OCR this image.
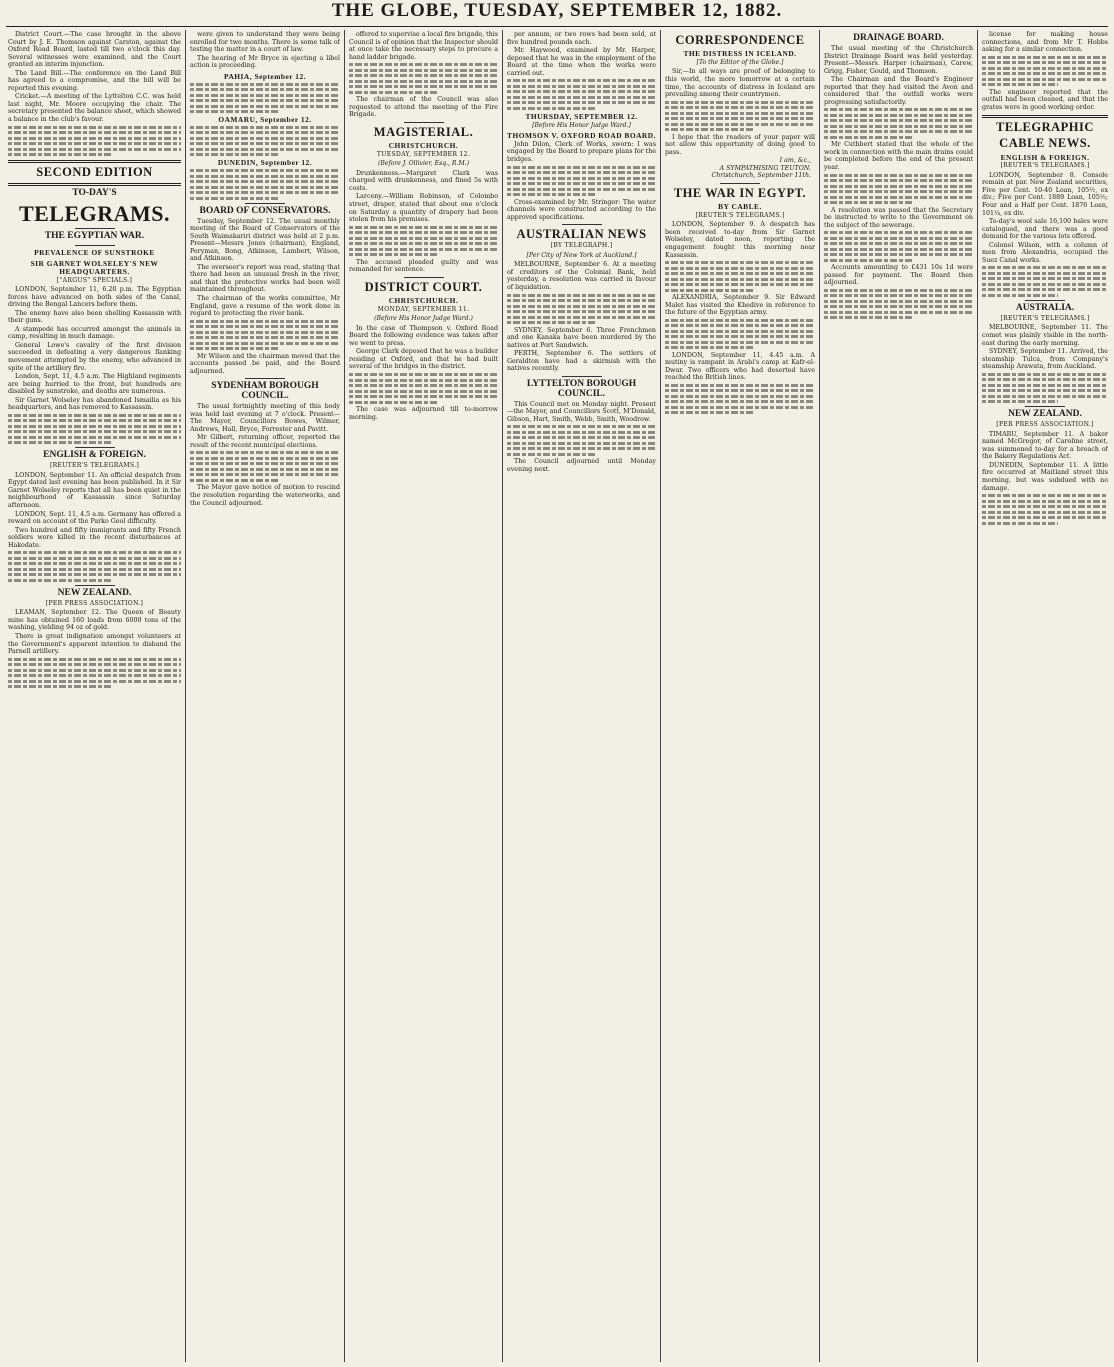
THE GLOBE, TUESDAY, SEPTEMBER 12, 1882.

District Court.—The case brought in the above Court by J. E. Thomson against Carston, against the Oxford Road Board, lasted till two o'clock this day. Several witnesses were examined, and the Court granted an interim injunction.

The Land Bill.—The conference on the Land Bill has agreed to a compromise, and the bill will be reported this evening.

Cricket.—A meeting of the Lyttelton C.C. was held last night, Mr. Moore occupying the chair. The secretary presented the balance sheet, which showed a balance in the club's favour.

SECOND EDITION
TO-DAY'S
TELEGRAMS.
THE EGYPTIAN WAR.
PREVALENCE OF SUNSTROKE
SIR GARNET WOLSELEY'S NEW HEADQUARTERS.
["ARGUS" SPECIALS.]

LONDON, September 11, 6.20 p.m. The Egyptian forces have advanced on both sides of the Canal, driving the Bengal Lancers before them.

The enemy have also been shelling Kassassin with their guns.

A stampede has occurred amongst the animals in camp, resulting in much damage.

General Lowe's cavalry of the first division succeeded in defeating a very dangerous flanking movement attempted by the enemy, who advanced in spite of the artillery fire.

London, Sept. 11, 4.5 a.m. The Highland regiments are being hurried to the front, but hundreds are disabled by sunstroke, and deaths are numerous.

Sir Garnet Wolseley has abandoned Ismailia as his headquarters, and has removed to Kassassin.

ENGLISH & FOREIGN.
[REUTER'S TELEGRAMS.]

LONDON, September 11. An official despatch from Egypt dated last evening has been published. In it Sir Garnet Wolseley reports that all has been quiet in the neighbourhood of Kassassin since Saturday afternoon.

LONDON, Sept. 11, 4.5 a.m. Germany has offered a reward on account of the Parko Geol difficulty.

Two hundred and fifty immigrants and fifty French soldiers were killed in the recent disturbances at Hakodate.

NEW ZEALAND.
[PER PRESS ASSOCIATION.]

LEAMAN, September 12. The Queen of Beauty mine has obtained 160 loads from 6000 tons of the washing, yielding 94 oz of gold.

There is great indignation amongst volunteers at the Government's apparent intention to disband the Parnell artillery.

were given to understand they were being enrolled for two months. There is some talk of testing the matter in a court of law.

The hearing of Mr Bryce in ejecting a libel action is proceeding.

PAHIA, September 12.

OAMARU, September 12.

DUNEDIN, September 12.

BOARD OF CONSERVATORS.

Tuesday, September 12. The usual monthly meeting of the Board of Conservators of the South Waimakariri district was held at 2 p.m. Present—Messrs Jones (chairman), England, Peryman, Bong, Atkinson, Lambert, Wilson, and Atkinson.

The overseer's report was read, stating that there had been an unusual fresh in the river, and that the protective works had been well maintained throughout.

The chairman of the works committee, Mr England, gave a resume of the work done in regard to protecting the river bank.

Mr Wilson and the chairman moved that the accounts passed be paid, and the Board adjourned.

SYDENHAM BOROUGH COUNCIL.

The usual fortnightly meeting of this body was held last evening at 7 o'clock. Present—The Mayor, Councillors Bowes, Wilmer, Andrews, Hall, Bryce, Forrester and Pavitt.

Mr Gilbert, returning officer, reported the result of the recent municipal elections.

The Mayor gave notice of motion to rescind the resolution regarding the waterworks, and the Council adjourned.

offered to supervise a local fire brigade, this Council is of opinion that the Inspector should at once take the necessary steps to procure a hand ladder brigade.

The chairman of the Council was also requested to attend the meeting of the Fire Brigade.

MAGISTERIAL.
CHRISTCHURCH.
TUESDAY, SEPTEMBER 12.
(Before J. Ollivier, Esq., R.M.)

Drunkenness.—Margaret Clark was charged with drunkenness, and fined 5s with costs.

Larceny.—William Robinson, of Colombo street, draper, stated that about one o'clock on Saturday a quantity of drapery had been stolen from his premises.

The accused pleaded guilty and was remanded for sentence.

DISTRICT COURT.
CHRISTCHURCH.
MONDAY, SEPTEMBER 11.
(Before His Honor Judge Ward.)

In the case of Thompson v. Oxford Road Board the following evidence was taken after we went to press.

George Clark deposed that he was a builder residing at Oxford, and that he had built several of the bridges in the district.

The case was adjourned till to-morrow morning.

per annum, or two rows had been sold, at five hundred pounds each.

Mr. Haywood, examined by Mr. Harper, deposed that he was in the employment of the Board at the time when the works were carried out.

THURSDAY, SEPTEMBER 12.
[Before His Honor Judge Ward.]
THOMSON V. OXFORD ROAD BOARD.

John Dilon, Clerk of Works, sworn: I was engaged by the Board to prepare plans for the bridges.

Cross-examined by Mr. Stringer: The water channels were constructed according to the approved specifications.

AUSTRALIAN NEWS
[BY TELEGRAPH.]
[Per City of New York at Auckland.]

MELBOURNE, September 6. At a meeting of creditors of the Colonial Bank, held yesterday, a resolution was carried in favour of liquidation.

SYDNEY, September 6. Three Frenchmen and one Kanaka have been murdered by the natives at Port Sandwich.

PERTH, September 6. The settlers of Geraldton have had a skirmish with the natives recently.

LYTTELTON BOROUGH COUNCIL.

This Council met on Monday night. Present—the Mayor, and Councillors Scott, M'Donald, Gibson, Hart, Smith, Webb, Smith, Woodrow.

The Council adjourned until Monday evening next.

CORRESPONDENCE
THE DISTRESS IN ICELAND.
[To the Editor of the Globe.]

Sir,—In all ways are proof of belonging to this world, the more tomorrow at a certain time, the accounts of distress in Iceland are prevailing among their countrymen.

I hope that the readers of your paper will not allow this opportunity of doing good to pass.

I am, &c.,
A SYMPATHISING TEUTON.
Christchurch, September 11th.
THE WAR IN EGYPT.
BY CABLE.
[REUTER'S TELEGRAMS.]

LONDON, September 9. A despatch has been received to-day from Sir Garnet Wolseley, dated noon, reporting the engagement fought this morning near Kassassin.

ALEXANDRIA, September 9. Sir Edward Malet has visited the Khedive in reference to the future of the Egyptian army.

LONDON, September 11, 4.45 a.m. A mutiny is rampant in Arabi's camp at Kafr-el-Dwar. Two officers who had deserted have reached the British lines.

DRAINAGE BOARD.

The usual meeting of the Christchurch District Drainage Board was held yesterday. Present—Messrs. Harper (chairman), Carew, Grigg, Fisher, Gould, and Thomson.

The Chairman and the Board's Engineer reported that they had visited the Avon and considered that the outfall works were progressing satisfactorily.

Mr Cuthbert stated that the whole of the work in connection with the main drains could be completed before the end of the present year.

A resolution was passed that the Secretary be instructed to write to the Government on the subject of the sewerage.

Accounts amounting to £431 10s 1d were passed for payment. The Board then adjourned.

license for making house connections, and from Mr T. Hobbs asking for a similar connection.

The engineer reported that the outfall had been cleaned, and that the grates were in good working order.

TELEGRAPHIC
CABLE NEWS.
ENGLISH & FOREIGN.
[REUTER'S TELEGRAMS.]

LONDON, September 8. Console remain at par. New Zealand securities, Five per Cent. 10-40 Loan, 105½, ex div.; Five per Cent. 1889 Loan, 105½; Four and a Half per Cent. 1876 Loan, 101¼, ex div.

To-day's wool sale 16,100 bales were catalogued, and there was a good demand for the various lots offered.

Colonel Wilson, with a column of men from Alexandria, occupied the Suez Canal works.

AUSTRALIA.
[REUTER'S TELEGRAMS.]

MELBOURNE, September 11. The comet was plainly visible in the north-east during the early morning.

SYDNEY, September 11. Arrived, the steamship Tulca, from Company's steamship Arawata, from Auckland.

NEW ZEALAND.
[PER PRESS ASSOCIATION.]

TIMARU, September 11. A baker named McGregor, of Caroline street, was summoned to-day for a breach of the Bakery Regulations Act.

DUNEDIN, September 11. A little fire occurred at Maitland street this morning, but was subdued with no damage.
